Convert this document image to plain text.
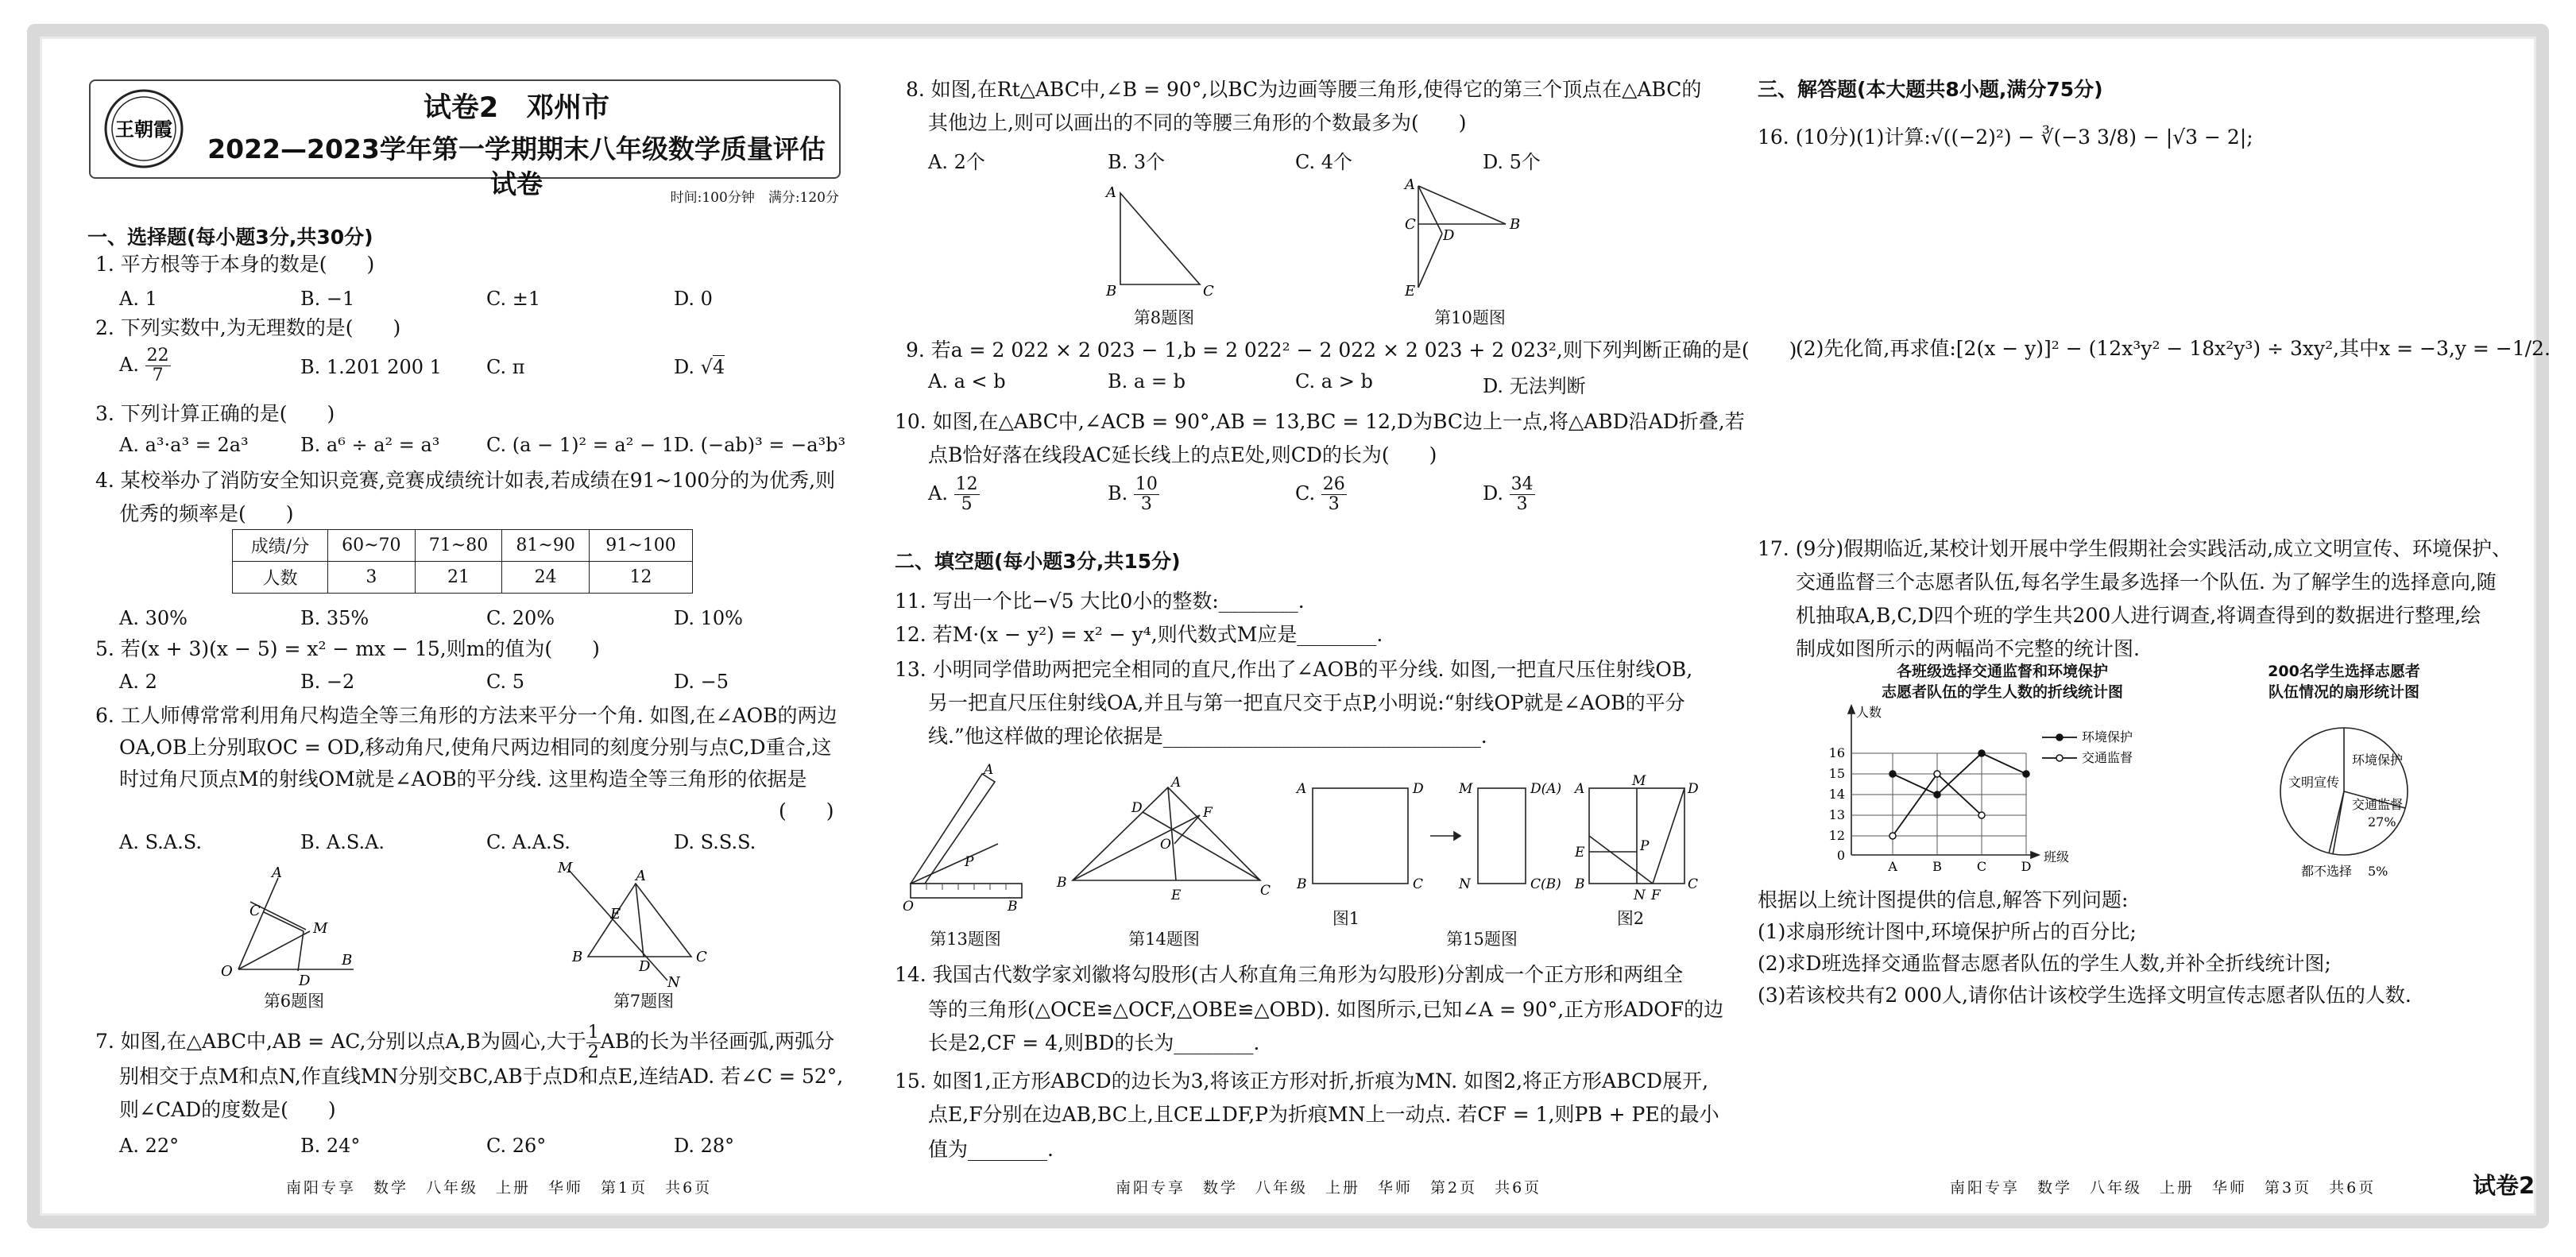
王朝霞
试卷2　邓州市
2022—2023学年第一学期期末八年级数学质量评估试卷	时间:100分钟　满分:120分
一、选择题(每小题3分,共30分)
1. 平方根等于本身的数是(　　)
A. 1	B. −1	C. ±1	D. 0
2. 下列实数中,为无理数的是(　　)
A. $\frac{22}{7}$	B. 1.201 200 1 C. π	D. √4
3. 下列计算正确的是(　　)
A. a³·a³ = 2a³	B. a⁶ ÷ a² = a³ C. (a − 1)² = a² − 1 D. (−ab)³ = −a³b³
4. 某校举办了消防安全知识竞赛,竞赛成绩统计如表,若成绩在91~100分的为优秀,则
优秀的频率是(　　)
成绩/分	60~70	71~80	81~90	91~100
人数	3	21	24	12
A. 30%	B. 35%	C. 20%	D. 10%
5. 若(x + 3)(x − 5) = x² − mx − 15,则m的值为(　　)
A. 2	B. −2	C. 5	D. −5
6. 工人师傅常常利用角尺构造全等三角形的方法来平分一个角. 如图,在∠AOB的两边
OA,OB上分别取OC = OD,移动角尺,使角尺两边相同的刻度分别与点C,D重合,这
时过角尺顶点M的射线OM就是∠AOB的平分线. 这里构造全等三角形的依据是
(　　)
A. S.A.S.	B. A.S.A.	C. A.A.S.	D. S.S.S.
O
A
C
M
D
B
第6题图
M	A
E
B	C
D
N
第7题图
7. 如图,在△ABC中,AB = AC,分别以点A,B为圆心,大于 $\frac{1}{2}$ AB的长为半径画弧,两弧分
别相交于点M和点N,作直线MN分别交BC,AB于点D和点E,连结AD. 若∠C = 52°,
则∠CAD的度数是(　　)
A. 22°	B. 24°	C. 26°	D. 28°
8. 如图,在Rt△ABC中,∠B = 90°,以BC为边画等腰三角形,使得它的第三个顶点在△ABC的
其他边上,则可以画出的不同的等腰三角形的个数最多为(　　)
A. 2个	B. 3个	C. 4个	D. 5个
A
B	C
第8题图
A
C
D
B
E
第10题图
9. 若a = 2 022 × 2 023 − 1,b = 2 022² − 2 022 × 2 023 + 2 023²,则下列判断正确的是(　　)
A. a < b	B. a = b	C. a > b	D. 无法判断
10. 如图,在△ABC中,∠ACB = 90°,AB = 13,BC = 12,D为BC边上一点,将△ABD沿AD折叠,若
点B恰好落在线段AC延长线上的点E处,则CD的长为(　　)
A. $\frac{12}{5}$	B. $\frac{10}{3}$	C. $\frac{26}{3}$	D. $\frac{34}{3}$
二、填空题(每小题3分,共15分)
11. 写出一个比−√5 大比0小的整数:________.
12. 若M·(x − y²) = x² − y⁴,则代数式M应是________.
13. 小明同学借助两把完全相同的直尺,作出了∠AOB的平分线. 如图,一把直尺压住射线OB,
另一把直尺压住射线OA,并且与第一把直尺交于点P,小明说:“射线OP就是∠AOB的平分
线.”他这样做的理论依据是________________________________.
A
P
O	B
第13题图
A
D	F
O
B
E	C
第14题图
A	D
B	C
M	D(A)
N	C(B)
A	M	D
E	P
B
N F
C
图1	图2
第15题图
14. 我国古代数学家刘徽将勾股形(古人称直角三角形为勾股形)分割成一个正方形和两组全
等的三角形(△OCE≌△OCF,△OBE≌△OBD). 如图所示,已知∠A = 90°,正方形ADOF的边
长是2,CF = 4,则BD的长为________.
15. 如图1,正方形ABCD的边长为3,将该正方形对折,折痕为MN. 如图2,将正方形ABCD展开,
点E,F分别在边AB,BC上,且CE⊥DF,P为折痕MN上一动点. 若CF = 1,则PB + PE的最小
值为________.
三、解答题(本大题共8小题,满分75分)
16. (10分)(1)计算:√((−2)²) − ∛(−3 3/8) − |√3 − 2|;
(2)先化简,再求值:[2(x − y)]² − (12x³y² − 18x²y³) ÷ 3xy²,其中x = −3,y = −1/2.
17. (9分)假期临近,某校计划开展中学生假期社会实践活动,成立文明宣传、环境保护、
交通监督三个志愿者队伍,每名学生最多选择一个队伍. 为了解学生的选择意向,随
机抽取A,B,C,D四个班的学生共200人进行调查,将调查得到的数据进行整理,绘
制成如图所示的两幅尚不完整的统计图.
各班级选择交通监督和环境保护
志愿者队伍的学生人数的折线统计图
12
13
14
15
16
A	B	C	D
0
人数
班级
环境保护
交通监督
200名学生选择志愿者
队伍情况的扇形统计图
环境保护
文明宣传
交通监督
27%
都不选择 5%
根据以上统计图提供的信息,解答下列问题:
(1)求扇形统计图中,环境保护所占的百分比;
(2)求D班选择交通监督志愿者队伍的学生人数,并补全折线统计图;
(3)若该校共有2 000人,请你估计该校学生选择文明宣传志愿者队伍的人数.
南阳专享　数学　八年级　上册　华师　第1页　共6页	南阳专享　数学　八年级　上册　华师　第2页　共6页	南阳专享　数学　八年级　上册　华师　第3页　共6页	试卷2
